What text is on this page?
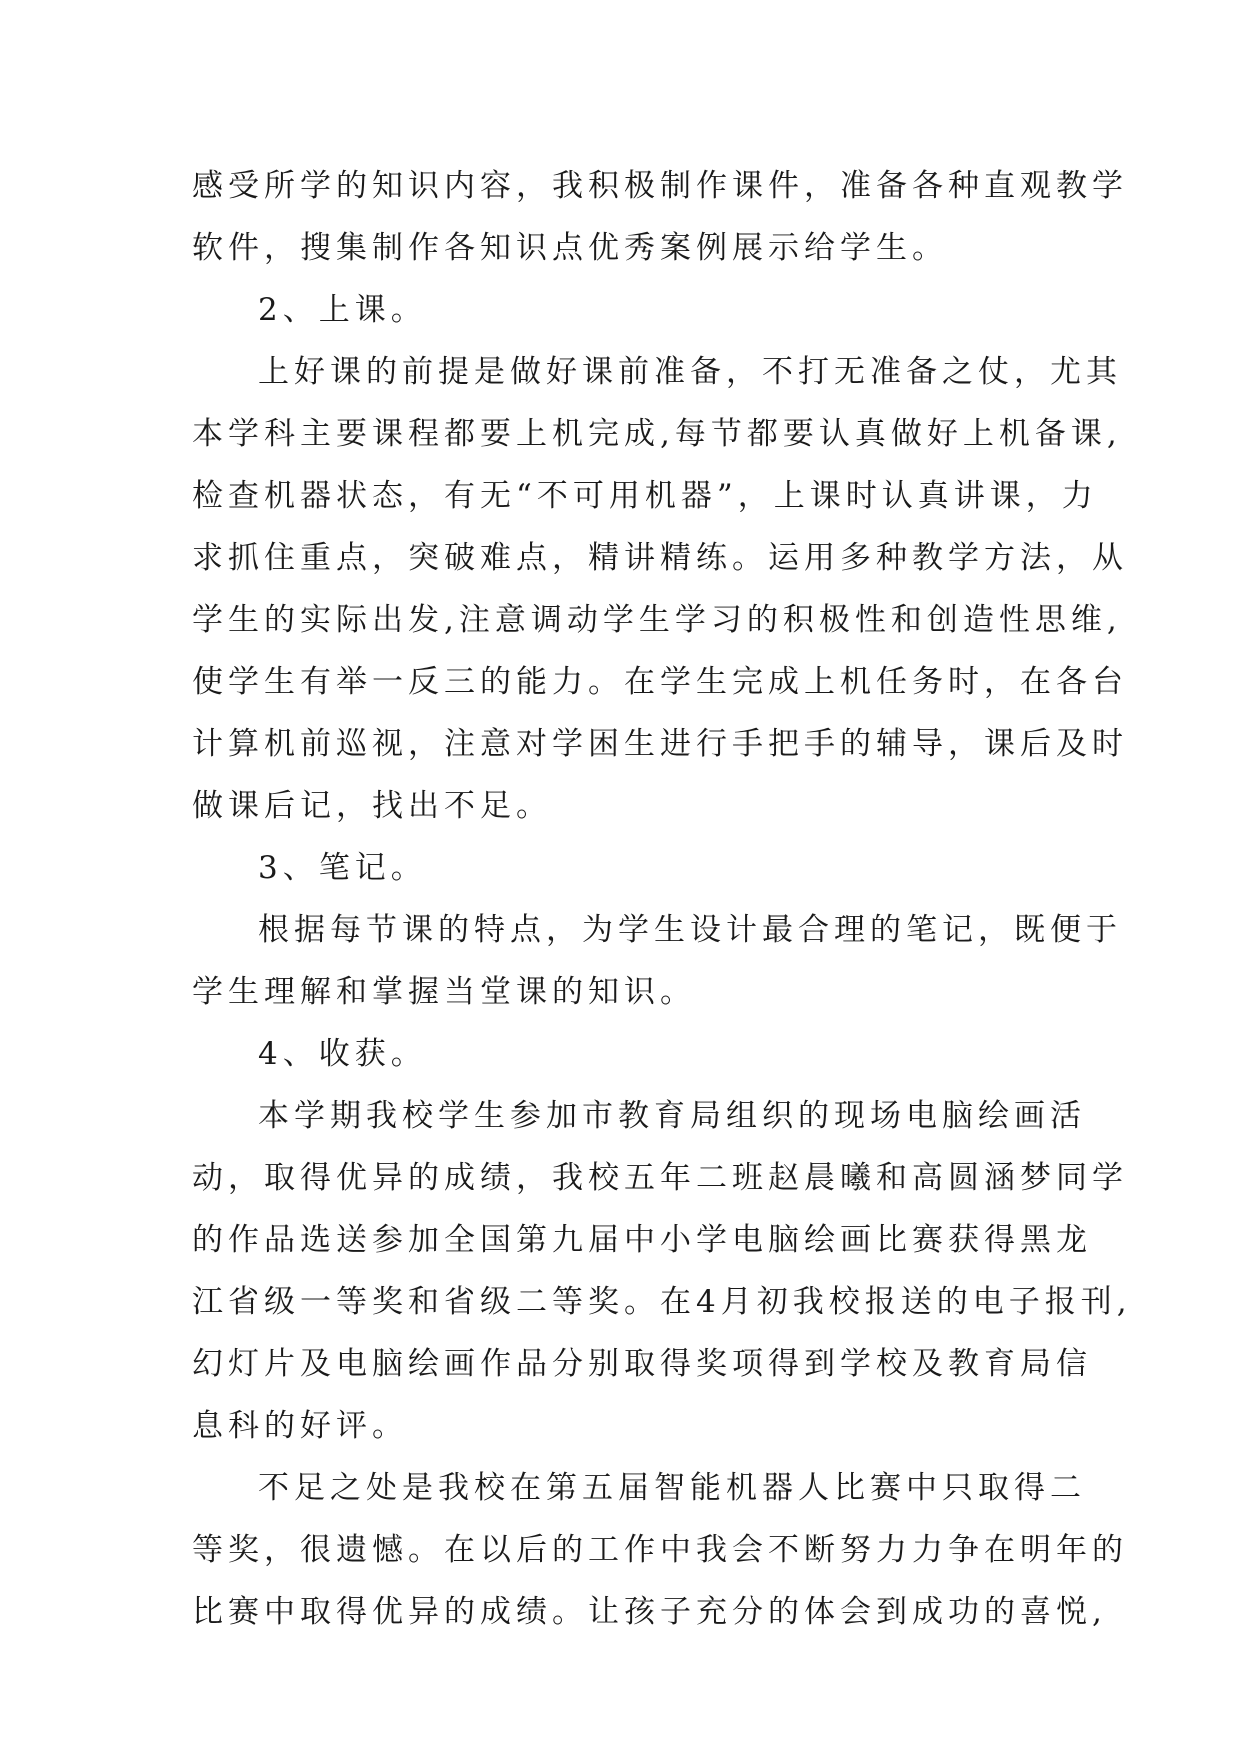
感受所学的知识内容，我积极制作课件，准备各种直观教学
软件，搜集制作各知识点优秀案例展示给学生。
2、上课。
上好课的前提是做好课前准备，不打无准备之仗，尤其
本学科主要课程都要上机完成,每节都要认真做好上机备课,
检查机器状态，有无“不可用机器”，上课时认真讲课，力
求抓住重点，突破难点，精讲精练。运用多种教学方法，从
学生的实际出发,注意调动学生学习的积极性和创造性思维,
使学生有举一反三的能力。在学生完成上机任务时，在各台
计算机前巡视，注意对学困生进行手把手的辅导，课后及时
做课后记，找出不足。
3、笔记。
根据每节课的特点，为学生设计最合理的笔记，既便于
学生理解和掌握当堂课的知识。
4、收获。
本学期我校学生参加市教育局组织的现场电脑绘画活
动，取得优异的成绩，我校五年二班赵晨曦和高圆涵梦同学
的作品选送参加全国第九届中小学电脑绘画比赛获得黑龙
江省级一等奖和省级二等奖。在4月初我校报送的电子报刊,
幻灯片及电脑绘画作品分别取得奖项得到学校及教育局信
息科的好评。
不足之处是我校在第五届智能机器人比赛中只取得二
等奖，很遗憾。在以后的工作中我会不断努力力争在明年的
比赛中取得优异的成绩。让孩子充分的体会到成功的喜悦,
